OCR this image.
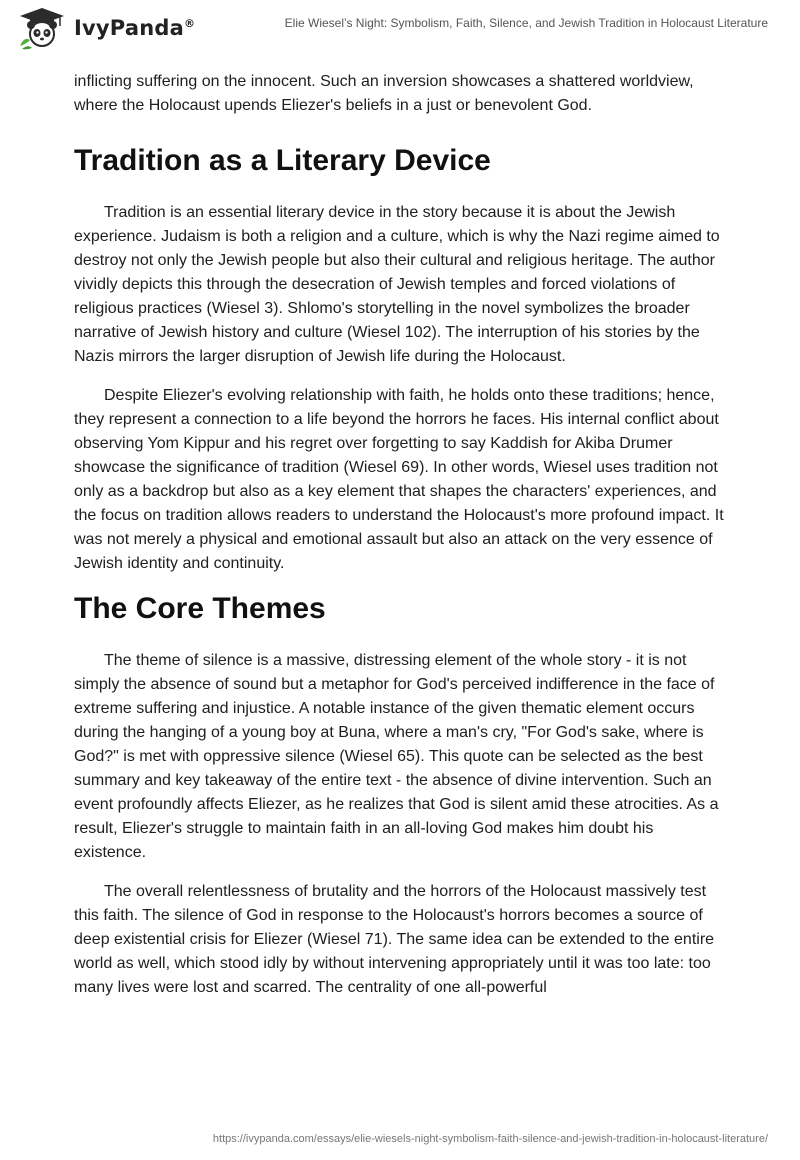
IvyPanda®	Elie Wiesel’s Night: Symbolism, Faith, Silence, and Jewish Tradition in Holocaust Literature

inflicting suffering on the innocent. Such an inversion showcases a shattered worldview, where the Holocaust upends Eliezer's beliefs in a just or benevolent God.

Tradition as a Literary Device

Tradition is an essential literary device in the story because it is about the Jewish experience. Judaism is both a religion and a culture, which is why the Nazi regime aimed to destroy not only the Jewish people but also their cultural and religious heritage. The author vividly depicts this through the desecration of Jewish temples and forced violations of religious practices (Wiesel 3). Shlomo's storytelling in the novel symbolizes the broader narrative of Jewish history and culture (Wiesel 102). The interruption of his stories by the Nazis mirrors the larger disruption of Jewish life during the Holocaust.

Despite Eliezer's evolving relationship with faith, he holds onto these traditions; hence, they represent a connection to a life beyond the horrors he faces. His internal conflict about observing Yom Kippur and his regret over forgetting to say Kaddish for Akiba Drumer showcase the significance of tradition (Wiesel 69). In other words, Wiesel uses tradition not only as a backdrop but also as a key element that shapes the characters' experiences, and the focus on tradition allows readers to understand the Holocaust's more profound impact. It was not merely a physical and emotional assault but also an attack on the very essence of Jewish identity and continuity.

The Core Themes

The theme of silence is a massive, distressing element of the whole story - it is not simply the absence of sound but a metaphor for God's perceived indifference in the face of extreme suffering and injustice. A notable instance of the given thematic element occurs during the hanging of a young boy at Buna, where a man's cry, "For God's sake, where is God?" is met with oppressive silence (Wiesel 65). This quote can be selected as the best summary and key takeaway of the entire text - the absence of divine intervention. Such an event profoundly affects Eliezer, as he realizes that God is silent amid these atrocities. As a result, Eliezer's struggle to maintain faith in an all-loving God makes him doubt his existence.

The overall relentlessness of brutality and the horrors of the Holocaust massively test this faith. The silence of God in response to the Holocaust's horrors becomes a source of deep existential crisis for Eliezer (Wiesel 71). The same idea can be extended to the entire world as well, which stood idly by without intervening appropriately until it was too late: too many lives were lost and scarred. The centrality of one all-powerful

https://ivypanda.com/essays/elie-wiesels-night-symbolism-faith-silence-and-jewish-tradition-in-holocaust-literature/
